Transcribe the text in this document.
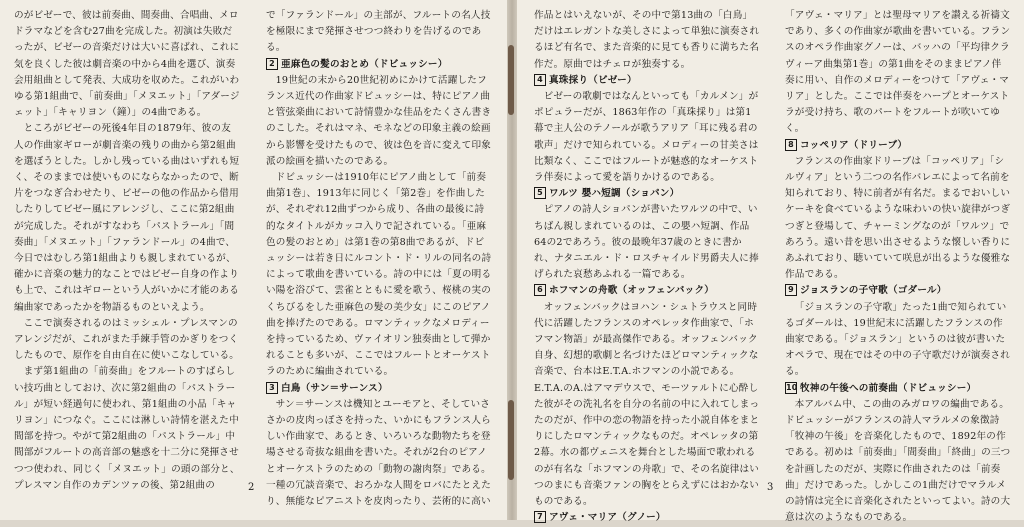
のがビゼーで、彼は前奏曲、間奏曲、合唱曲、メロドラマなどを含む27曲を完成した。初演は失敗だったが、ビゼーの音楽だけは大いに喜ばれ、これに気を良くした彼は劇音楽の中から4曲を選び、演奏会用組曲として発表、大成功を収めた。これがいわゆる第1組曲で、「前奏曲」「メヌエット」「アダージェット」「キャリヨン（鐘）」の4曲である。

ところがビゼーの死後4年目の1879年、彼の友人の作曲家ギローが劇音楽の残りの曲から第2組曲を選ぼうとした。しかし残っている曲はいずれも短く、そのままでは使いものにならなかったので、断片をつなぎ合わせたり、ビゼーの他の作品から借用したりしてビゼー風にアレンジし、ここに第2組曲が完成した。それがすなわち「パストラール」「間奏曲」「メヌエット」「ファランドール」の4曲で、今日ではむしろ第1組曲よりも親しまれているが、確かに音楽の魅力的なことではビゼー自身の作よりも上で、これはギローという人がいかに才能のある編曲家であったかを物語るものといえよう。

ここで演奏されるのはミッシェル・プレスマンのアレンジだが、これがまた手練手管のかぎりをつくしたもので、原作を自由自在に使いこなしている。

まず第1組曲の「前奏曲」をフルートのすばらしい技巧曲としておけ、次に第2組曲の「パストラール」が短い経過句に使われ、第1組曲の小品「キャリヨン」につなぐ。ここには淋しい詩情を湛えた中間部を持つ。やがて第2組曲の「パストラール」中間部がフルートの高音部の魅惑を十二分に発揮させつつ使われ、同じく「メヌエット」の頭の部分と、プレスマン自作のカデンツァの後、第2組曲の

で「ファランドール」の主部が、フルートの名人技を極限にまで発揮させつつ終わりを告げるのである。

2 亜麻色の髪のおとめ（ドビュッシー）

19世紀の末から20世紀初めにかけて活躍したフランス近代の作曲家ドビュッシーは、特にピアノ曲と管弦楽曲において詩情豊かな佳品をたくさん書きのこした。それはマネ、モネなどの印象主義の絵画から影響を受けたもので、彼は色を音に変えて印象派の絵画を描いたのである。

ドビュッシーは1910年にピアノ曲として「前奏曲第1巻」、1913年に同じく「第2巻」を作曲したが、それぞれ12曲ずつから成り、各曲の最後に詩的なタイトルがカッコ入りで記されている。「亜麻色の髪のおとめ」は第1巻の第8曲であるが、ドビュッシーは若き日にルコント・ド・リルの同名の詩によって歌曲を書いている。詩の中には「夏の明るい陽を浴びて、雲雀とともに愛を歌う、桜桃の実のくちびるをした亜麻色の髪の美少女」にこのピアノ曲を捧げたのである。ロマンティックなメロディーを持っているため、ヴァイオリン独奏曲として弾かれることも多いが、ここではフルートとオーケストラのために編曲されている。

3 白鳥（サン＝サーンス）

サン＝サーンスは機知とユーモアと、そしていささかの皮肉っぽさを持った、いかにもフランス人らしい作曲家で、あるとき、いろいろな動物たちを登場させる奇抜な組曲を書いた。それが2台のピアノとオーケストラのための「動物の謝肉祭」である。一種の冗談音楽で、おろかな人間をロバにたとえたり、無能なピアニストを皮肉ったり、芸術的に高い

2

作品とはいえないが、その中で第13曲の「白鳥」だけはエレガントな美しさによって単独に演奏されるほど有名で、また音楽的に見ても香りに満ちた名作だ。原曲ではチェロが独奏する。

4 真珠採り（ビゼー）

ビゼーの歌劇ではなんといっても「カルメン」がポピュラーだが、1863年作の「真珠採り」は第1幕で主人公のテノールが歌うアリア「耳に残る君の歌声」だけで知られている。メロディーの甘美さは比類なく、ここではフルートが魅惑的なオーケストラ伴奏によって愛を語りかけるのである。

5 ワルツ 嬰ハ短調（ショパン）

ピアノの詩人ショパンが書いたワルツの中で、いちばん親しまれているのは、この嬰ハ短調、作品64の2であろう。彼の最晩年37歳のときに書かれ、ナタニエル・ド・ロスチャイルド男爵夫人に捧げられた哀愁あふれる一篇である。

6 ホフマンの舟歌（オッフェンバック）

オッフェンバックはヨハン・シュトラウスと同時代に活躍したフランスのオペレッタ作曲家で、「ホフマン物語」が最高傑作である。オッフェンバック自身、幻想的歌劇と名づけたほどロマンティックな音楽で、台本はE.T.A.ホフマンの小説である。E.T.A.のA.はアマデウスで、モーツァルトに心酔した彼がその洗礼名を自分の名前の中に入れてしまったのだが、作中の恋の物語を持った小説自体をまとりにしたロマンティックなものだ。オペレッタの第2幕。水の都ヴェニスを舞台とした場面で歌われるのが有名な「ホフマンの舟歌」で、その名旋律はいつのまにも音楽ファンの胸をとらえずにはおかないものである。

7 アヴェ・マリア（グノー）

「アヴェ・マリア」とは聖母マリアを讃える祈禱文であり、多くの作曲家が歌曲を書いている。フランスのオペラ作曲家グノーは、バッハの「平均律クラヴィーア曲集第1巻」の第1曲をそのままピアノ伴奏に用い、自作のメロディーをつけて「アヴェ・マリア」とした。ここでは伴奏をハープとオーケストラが受け持ち、歌のパートをフルートが吹いてゆく。

8 コッペリア（ドリーブ）

フランスの作曲家ドリーブは「コッペリア」「シルヴィア」という二つの名作バレエによって名前を知られており、特に前者が有名だ。まるでおいしいケーキを食べているような味わいの快い旋律がつぎつぎと登場して、チャーミングなのが「ワルツ」であろう。遠い昔を思い出させるような懐しい香りにあふれており、聴いていて咲息が出るような優雅な作品である。

9 ジョスランの子守歌（ゴダール）

「ジョスランの子守歌」たった1曲で知られているゴダールは、19世紀末に活躍したフランスの作曲家である。「ジョスラン」というのは彼が書いたオペラで、現在ではその中の子守歌だけが演奏される。

10 牧神の午後への前奏曲（ドビュッシー）

本アルバム中、この曲のみガロワの編曲である。ドビュッシーがフランスの詩人マラルメの象徴詩「牧神の午後」を音楽化したもので、1892年の作である。初めは「前奏曲」「間奏曲」「終曲」の三つを計画したのだが、実際に作曲されたのは「前奏曲」だけであった。しかしこの1曲だけでマラルメの詩情は完全に音楽化されたといってよい。詩の大意は次のようなものである。

3
